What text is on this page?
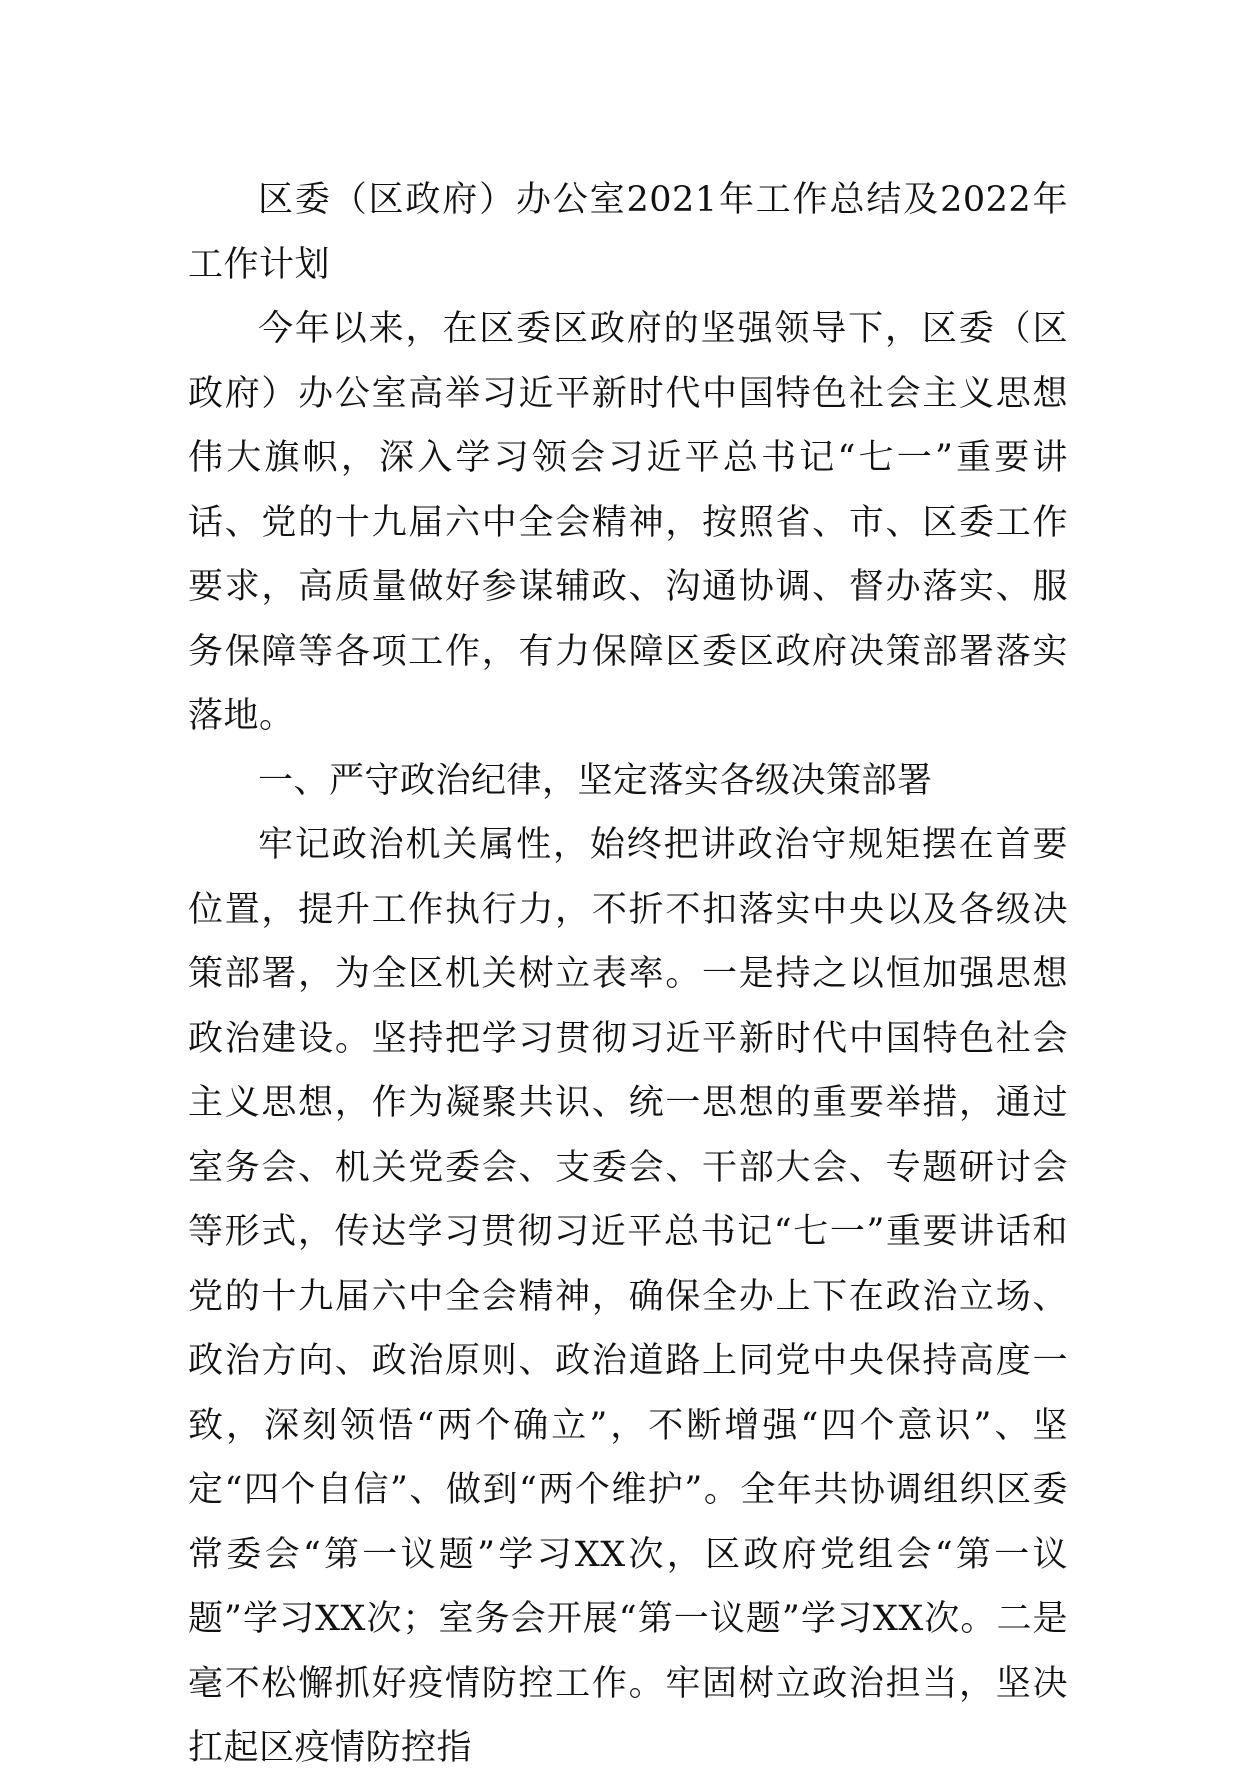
区委（区政府）办公室2021年工作总结及2022年工作计划

今年以来，在区委区政府的坚强领导下，区委（区政府）办公室高举习近平新时代中国特色社会主义思想伟大旗帜，深入学习领会习近平总书记“七一”重要讲话、党的十九届六中全会精神，按照省、市、区委工作要求，高质量做好参谋辅政、沟通协调、督办落实、服务保障等各项工作，有力保障区委区政府决策部署落实落地。

一、严守政治纪律，坚定落实各级决策部署

牢记政治机关属性，始终把讲政治守规矩摆在首要位置，提升工作执行力，不折不扣落实中央以及各级决策部署，为全区机关树立表率。一是持之以恒加强思想政治建设。坚持把学习贯彻习近平新时代中国特色社会主义思想，作为凝聚共识、统一思想的重要举措，通过室务会、机关党委会、支委会、干部大会、专题研讨会等形式，传达学习贯彻习近平总书记“七一”重要讲话和党的十九届六中全会精神，确保全办上下在政治立场、政治方向、政治原则、政治道路上同党中央保持高度一致，深刻领悟“两个确立”，不断增强“四个意识”、坚定“四个自信”、做到“两个维护”。全年共协调组织区委常委会“第一议题”学习XX次，区政府党组会“第一议题”学习XX次；室务会开展“第一议题”学习XX次。二是毫不松懈抓好疫情防控工作。牢固树立政治担当，坚决扛起区疫情防控指
